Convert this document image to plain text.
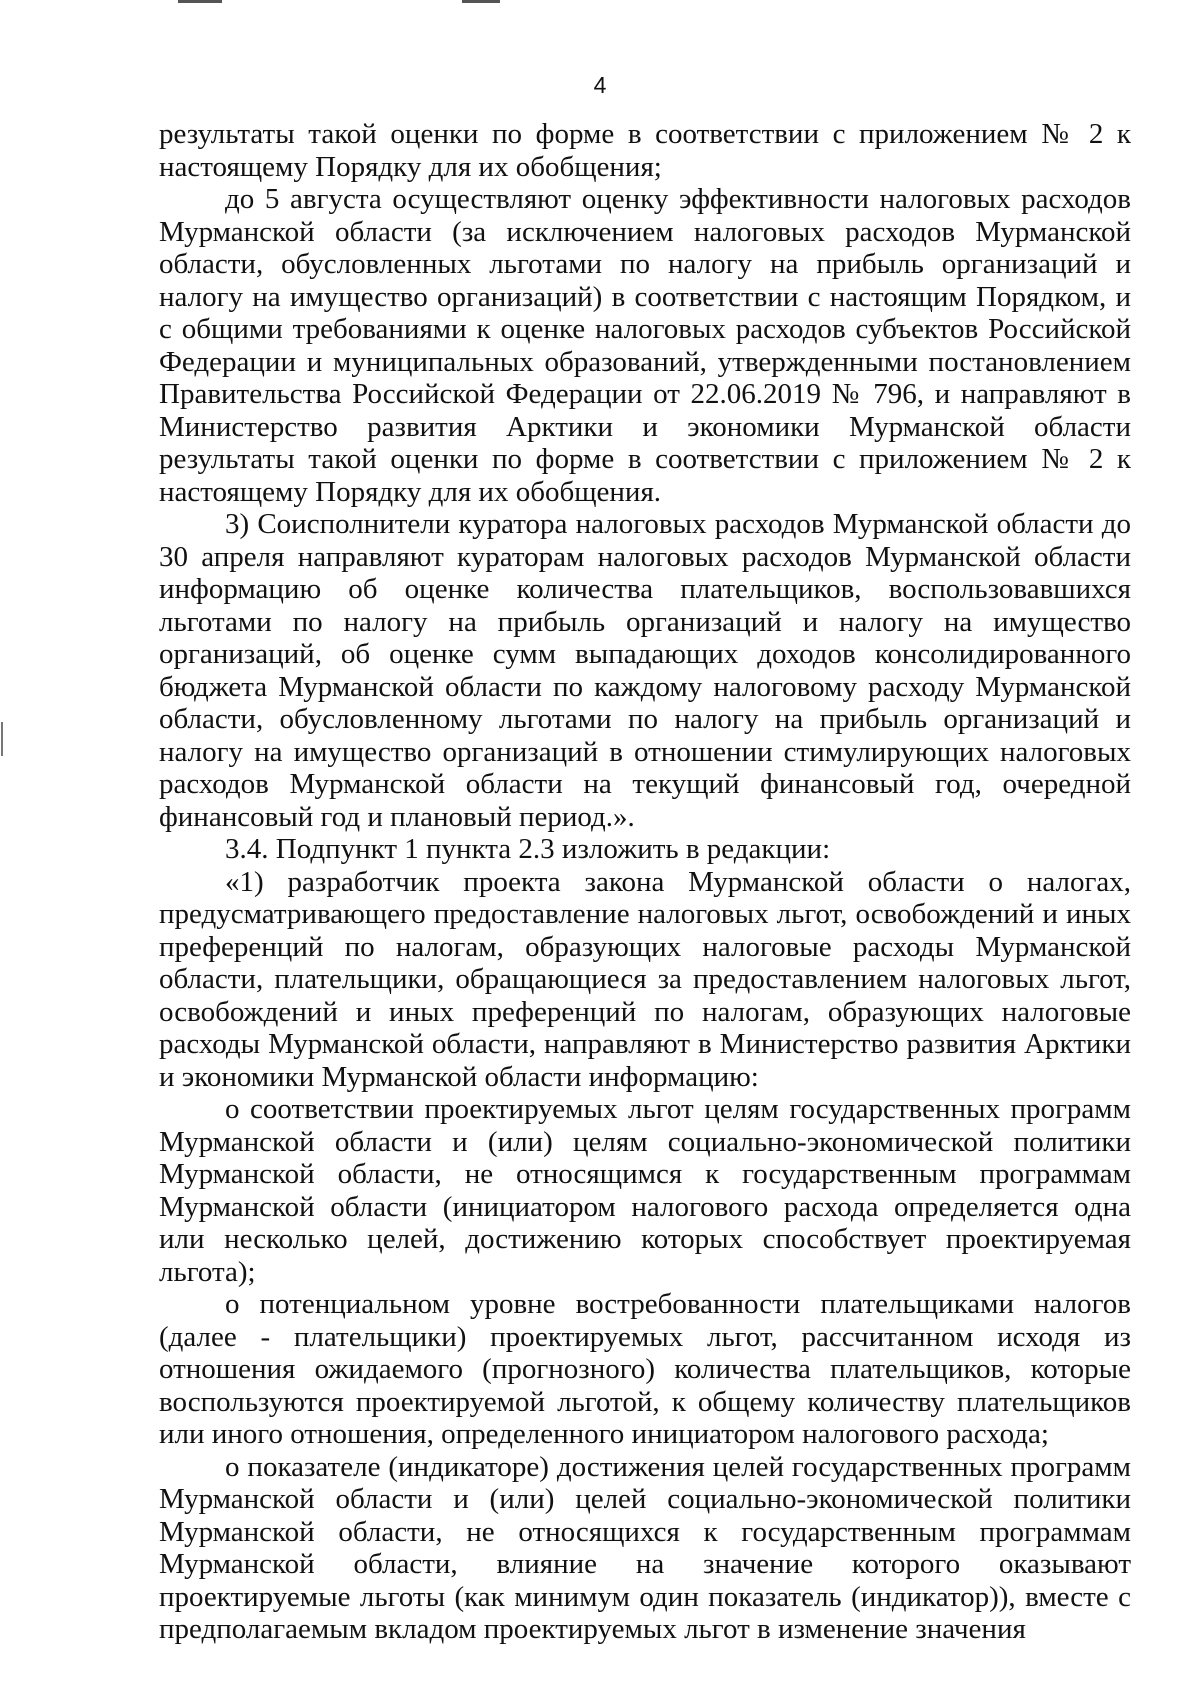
4

результаты такой оценки по форме в соответствии с приложением № 2 к настоящему Порядку для их обобщения;

до 5 августа осуществляют оценку эффективности налоговых расходов Мурманской области (за исключением налоговых расходов Мурманской области, обусловленных льготами по налогу на прибыль организаций и налогу на имущество организаций) в соответствии с настоящим Порядком, и с общими требованиями к оценке налоговых расходов субъектов Российской Федерации и муниципальных образований, утвержденными постановлением Правительства Российской Федерации от 22.06.2019 № 796, и направляют в Министерство развития Арктики и экономики Мурманской области результаты такой оценки по форме в соответствии с приложением № 2 к настоящему Порядку для их обобщения.

3) Соисполнители куратора налоговых расходов Мурманской области до 30 апреля направляют кураторам налоговых расходов Мурманской области информацию об оценке количества плательщиков, воспользовавшихся льготами по налогу на прибыль организаций и налогу на имущество организаций, об оценке сумм выпадающих доходов консолидированного бюджета Мурманской области по каждому налоговому расходу Мурманской области, обусловленному льготами по налогу на прибыль организаций и налогу на имущество организаций в отношении стимулирующих налоговых расходов Мурманской области на текущий финансовый год, очередной финансовый год и плановый период.».

3.4. Подпункт 1 пункта 2.3 изложить в редакции:

«1) разработчик проекта закона Мурманской области о налогах, предусматривающего предоставление налоговых льгот, освобождений и иных преференций по налогам, образующих налоговые расходы Мурманской области, плательщики, обращающиеся за предоставлением налоговых льгот, освобождений и иных преференций по налогам, образующих налоговые расходы Мурманской области, направляют в Министерство развития Арктики и экономики Мурманской области информацию:

о соответствии проектируемых льгот целям государственных программ Мурманской области и (или) целям социально-экономической политики Мурманской области, не относящимся к государственным программам Мурманской области (инициатором налогового расхода определяется одна или несколько целей, достижению которых способствует проектируемая льгота);

о потенциальном уровне востребованности плательщиками налогов (далее - плательщики) проектируемых льгот, рассчитанном исходя из отношения ожидаемого (прогнозного) количества плательщиков, которые воспользуются проектируемой льготой, к общему количеству плательщиков или иного отношения, определенного инициатором налогового расхода;

о показателе (индикаторе) достижения целей государственных программ Мурманской области и (или) целей социально-экономической политики Мурманской области, не относящихся к государственным программам Мурманской области, влияние на значение которого оказывают проектируемые льготы (как минимум один показатель (индикатор)), вместе с предполагаемым вкладом проектируемых льгот в изменение значения
